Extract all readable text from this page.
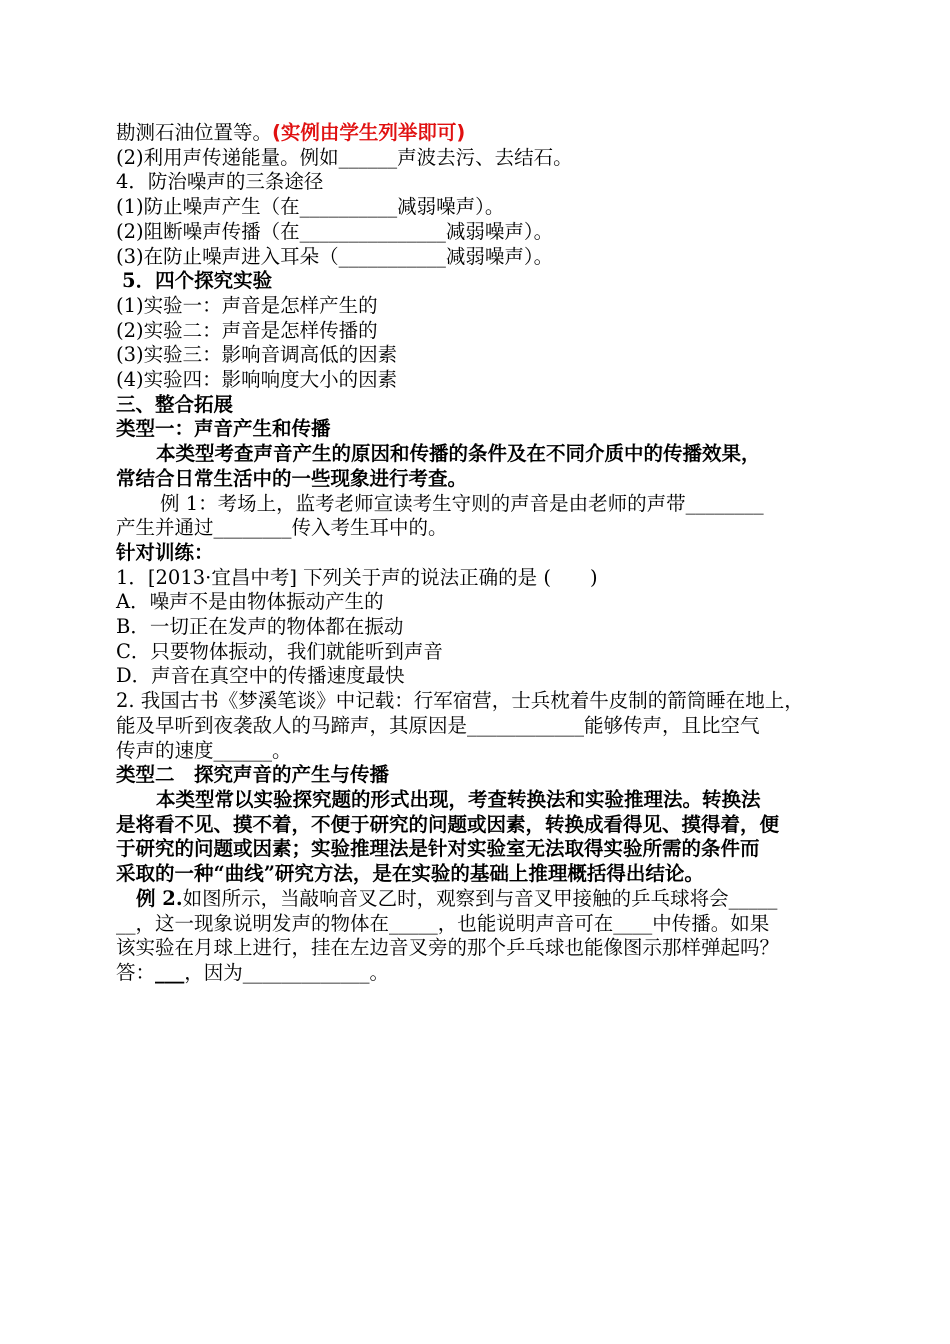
勘测石油位置等。(实例由学生列举即可)
(2)利用声传递能量。例如______声波去污、去结石。
4．防治噪声的三条途径
(1)防止噪声产生（在__________减弱噪声）。
(2)阻断噪声传播（在_______________减弱噪声）。
(3)在防止噪声进入耳朵（___________减弱噪声）。
5．四个探究实验
(1)实验一：声音是怎样产生的
(2)实验二：声音是怎样传播的
(3)实验三：影响音调高低的因素
(4)实验四：影响响度大小的因素
三、整合拓展
类型一：声音产生和传播
本类型考查声音产生的原因和传播的条件及在不同介质中的传播效果，
常结合日常生活中的一些现象进行考查。
例 1：考场上，监考老师宣读考生守则的声音是由老师的声带________
产生并通过________传入考生耳中的。
针对训练：
1．[2013·宜昌中考] 下列关于声的说法正确的是 (　　)
A．噪声不是由物体振动产生的
B．一切正在发声的物体都在振动
C．只要物体振动，我们就能听到声音
D．声音在真空中的传播速度最快
2. 我国古书《梦溪笔谈》中记载：行军宿营，士兵枕着牛皮制的箭筒睡在地上，
能及早听到夜袭敌人的马蹄声，其原因是____________能够传声，且比空气
传声的速度______。
类型二　探究声音的产生与传播
本类型常以实验探究题的形式出现，考查转换法和实验推理法。转换法
是将看不见、摸不着，不便于研究的问题或因素，转换成看得见、摸得着，便
于研究的问题或因素；实验推理法是针对实验室无法取得实验所需的条件而
采取的一种“曲线”研究方法，是在实验的基础上推理概括得出结论。
例 2.如图所示，当敲响音叉乙时，观察到与音叉甲接触的乒乓球将会_____
__，这一现象说明发声的物体在_____，也能说明声音可在____中传播。如果
该实验在月球上进行，挂在左边音叉旁的那个乒乓球也能像图示那样弹起吗？
答：___，因为_____________。
